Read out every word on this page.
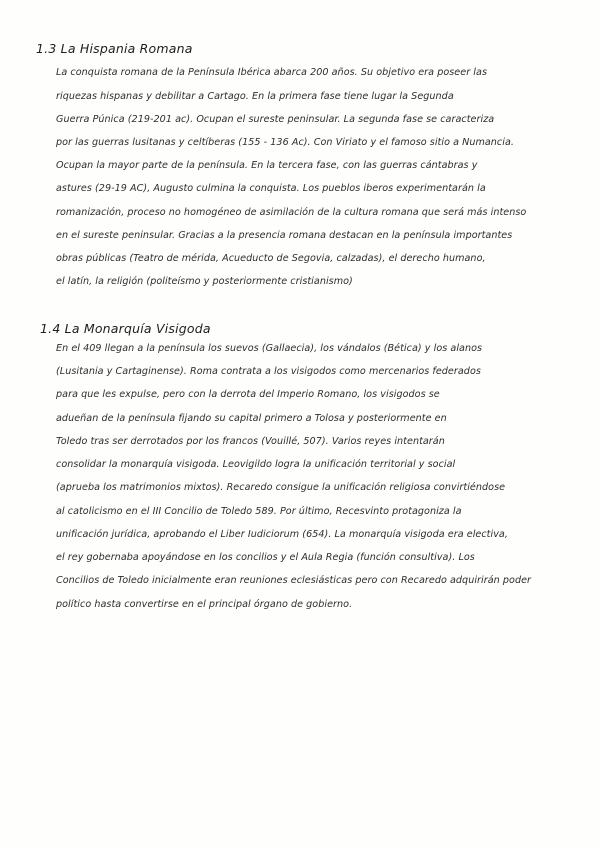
1.3 La Hispania Romana
La conquista romana de la Península Ibérica abarca 200 años. Su objetivo era poseer las
riquezas hispanas y debilitar a Cartago. En la primera fase tiene lugar la Segunda
Guerra Púnica (219-201 ac). Ocupan el sureste peninsular. La segunda fase se caracteriza
por las guerras lusitanas y celtíberas (155 - 136 Ac). Con Viriato y el famoso sitio a Numancia.
Ocupan la mayor parte de la península. En la tercera fase, con las guerras cántabras y
astures (29-19 AC), Augusto culmina la conquista. Los pueblos iberos experimentarán la
romanización, proceso no homogéneo de asimilación de la cultura romana que será más intenso
en el sureste peninsular. Gracias a la presencia romana destacan en la península importantes
obras públicas (Teatro de mérida, Acueducto de Segovia, calzadas), el derecho humano,
el latín, la religión (politeísmo y posteriormente cristianismo)
1.4 La Monarquía Visigoda
En el 409 llegan a la península los suevos (Gallaecia), los vándalos (Bética) y los alanos
(Lusitania y Cartaginense). Roma contrata a los visigodos como mercenarios federados
para que les expulse, pero con la derrota del Imperio Romano, los visigodos se
adueñan de la península fijando su capital primero a Tolosa y posteriormente en
Toledo tras ser derrotados por los francos (Vouillé, 507). Varios reyes intentarán
consolidar la monarquía visigoda. Leovigildo logra la unificación territorial y social
(aprueba los matrimonios mixtos). Recaredo consigue la unificación religiosa convirtiéndose
al catolicismo en el III Concilio de Toledo 589. Por último, Recesvinto protagoniza la
unificación jurídica, aprobando el Liber Iudiciorum (654). La monarquía visigoda era electiva,
el rey gobernaba apoyándose en los concilios y el Aula Regia (función consultiva). Los
Concilios de Toledo inicialmente eran reuniones eclesiásticas pero con Recaredo adquirirán poder
político hasta convertirse en el principal órgano de gobierno.
